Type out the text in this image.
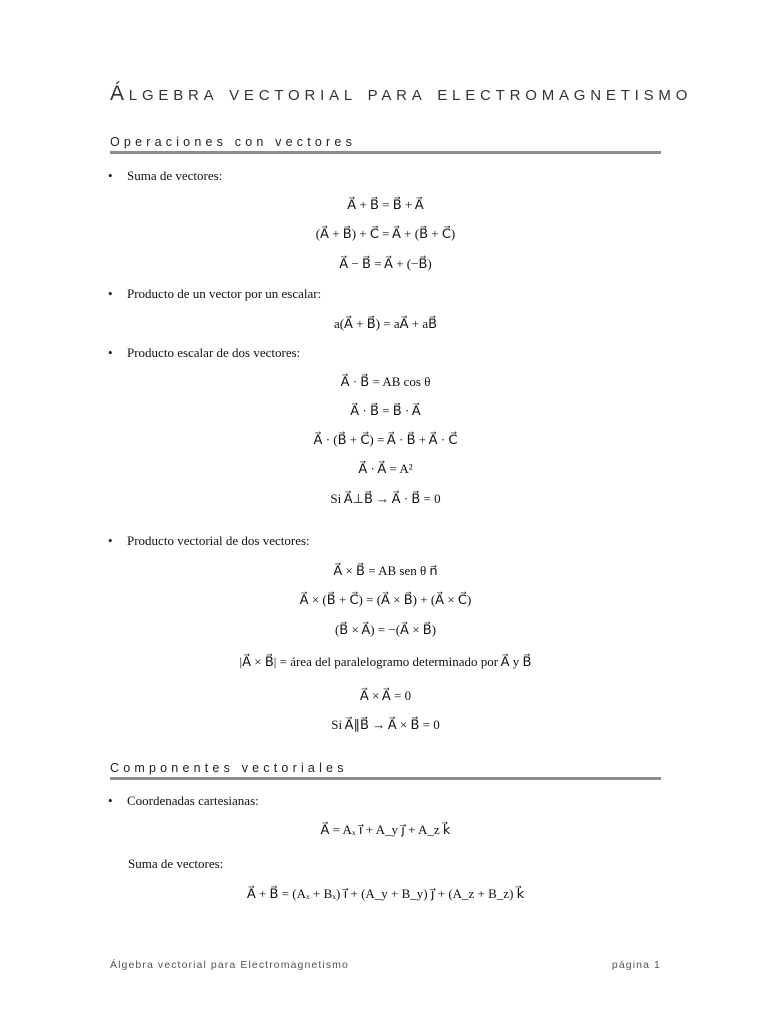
Álgebra vectorial para electromagnetismo
Operaciones con vectores
• Suma de vectores:
A⃗ + B⃗ = B⃗ + A⃗
(A⃗ + B⃗) + C⃗ = A⃗ + (B⃗ + C⃗)
A⃗ − B⃗ = A⃗ + (−B⃗)
• Producto de un vector por un escalar:
a(A⃗ + B⃗) = aA⃗ + aB⃗
• Producto escalar de dos vectores:
A⃗ · B⃗ = AB cos θ
A⃗ · B⃗ = B⃗ · A⃗
A⃗ · (B⃗ + C⃗) = A⃗ · B⃗ + A⃗ · C⃗
A⃗ · A⃗ = A²
Si A⃗⊥B⃗ → A⃗ · B⃗ = 0
• Producto vectorial de dos vectores:
A⃗ × B⃗ = AB sen θ n⃗
A⃗ × (B⃗ + C⃗) = (A⃗ × B⃗) + (A⃗ × C⃗)
(B⃗ × A⃗) = −(A⃗ × B⃗)
|A⃗ × B⃗| = área del paralelogramo determinado por A⃗ y B⃗
A⃗ × A⃗ = 0
Si A⃗∥B⃗ → A⃗ × B⃗ = 0
Componentes vectoriales
• Coordenadas cartesianas:
A⃗ = Aₓ i⃗ + A_y j⃗ + A_z k⃗
Suma de vectores:
A⃗ + B⃗ = (Aₓ + Bₓ) i⃗ + (A_y + B_y) j⃗ + (A_z + B_z) k⃗
Álgebra vectorial para Electromagnetismo	página 1
